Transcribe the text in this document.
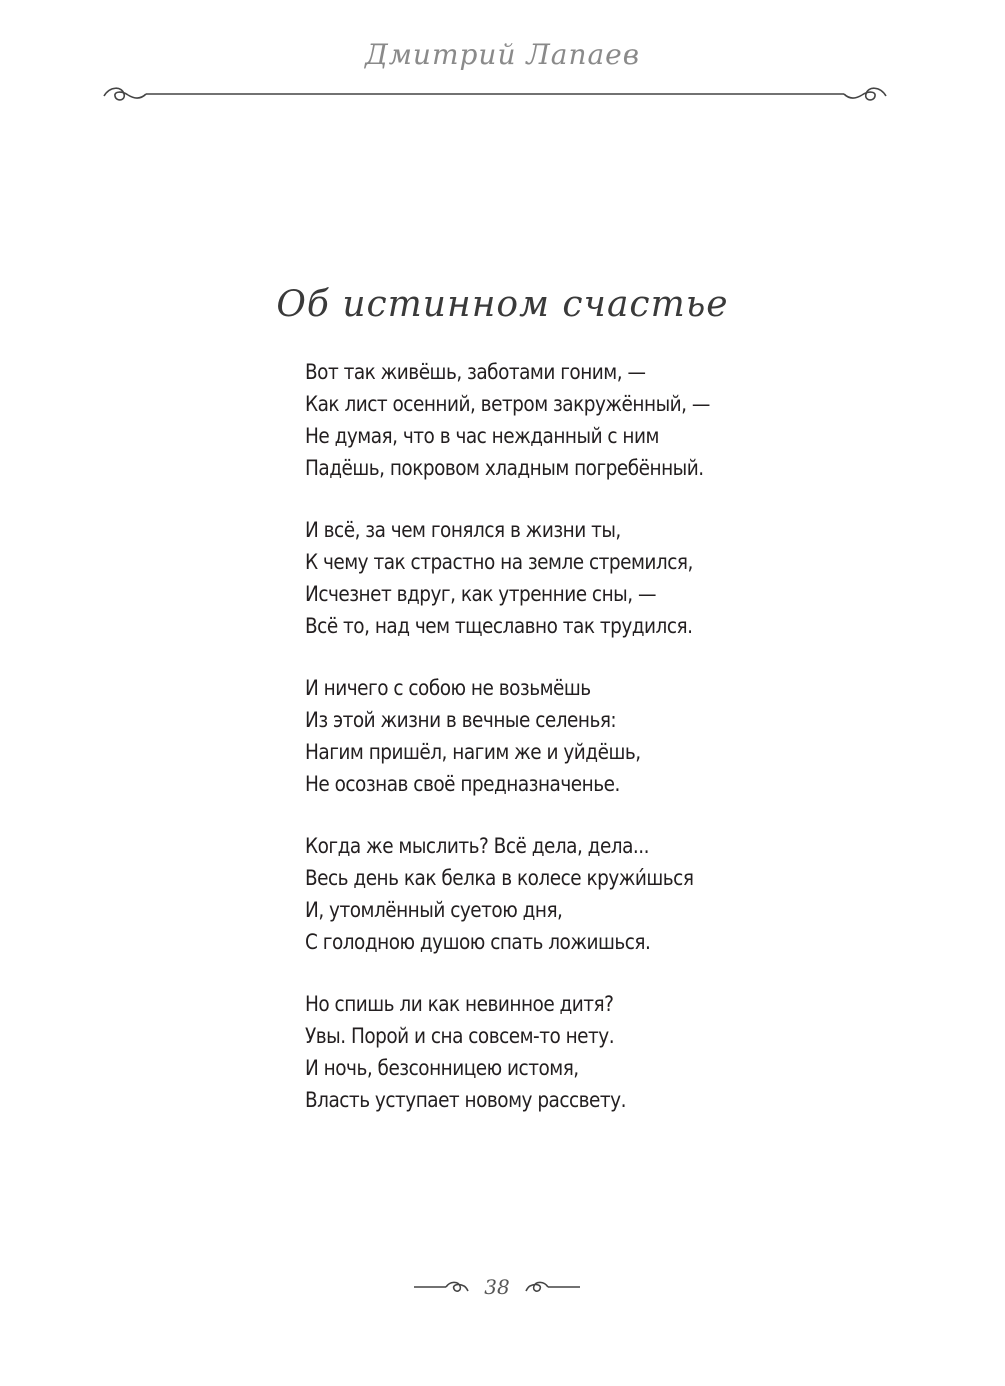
Дмитрий Лапаев
Об истинном счастье
Вот так живёшь, заботами гоним, —
Как лист осенний, ветром закружённый, —
Не думая, что в час нежданный с ним
Падёшь, покровом хладным погребённый.
И всё, за чем гонялся в жизни ты,
К чему так страстно на земле стремился,
Исчезнет вдруг, как утренние сны, —
Всё то, над чем тщеславно так трудился.
И ничего с собою не возьмёшь
Из этой жизни в вечные селенья:
Нагим пришёл, нагим же и уйдёшь,
Не осознав своё предназначенье.
Когда же мыслить? Всё дела, дела...
Весь день как белка в колесе кружи́шься
И, утомлённый суетою дня,
С голодною душою спать ложишься.
Но спишь ли как невинное дитя?
Увы. Порой и сна совсем-то нету.
И ночь, безсонницею истомя,
Власть уступает новому рассвету.
38
